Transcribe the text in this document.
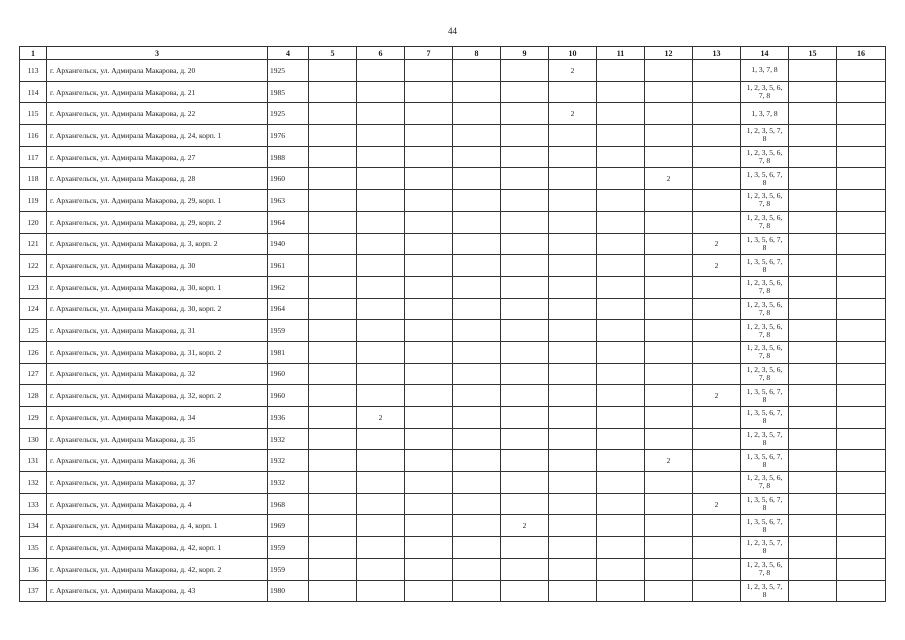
44
1	3	4	5	6	7	8	9	10	11	12	13	14	15	16
113	г. Архангельск, ул. Адмирала Макарова, д. 20	1925						2				1, 3, 7, 8		
114	г. Архангельск, ул. Адмирала Макарова, д. 21	1985										1, 2, 3, 5, 6, 7, 8		
115	г. Архангельск, ул. Адмирала Макарова, д. 22	1925						2				1, 3, 7, 8		
116	г. Архангельск, ул. Адмирала Макарова, д. 24, корп. 1	1976										1, 2, 3, 5, 7, 8		
117	г. Архангельск, ул. Адмирала Макарова, д. 27	1988										1, 2, 3, 5, 6, 7, 8		
118	г. Архангельск, ул. Адмирала Макарова, д. 28	1960								2		1, 3, 5, 6, 7, 8		
119	г. Архангельск, ул. Адмирала Макарова, д. 29, корп. 1	1963										1, 2, 3, 5, 6, 7, 8		
120	г. Архангельск, ул. Адмирала Макарова, д. 29, корп. 2	1964										1, 2, 3, 5, 6, 7, 8		
121	г. Архангельск, ул. Адмирала Макарова, д. 3, корп. 2	1940									2	1, 3, 5, 6, 7, 8		
122	г. Архангельск, ул. Адмирала Макарова, д. 30	1961									2	1, 3, 5, 6, 7, 8		
123	г. Архангельск, ул. Адмирала Макарова, д. 30, корп. 1	1962										1, 2, 3, 5, 6, 7, 8		
124	г. Архангельск, ул. Адмирала Макарова, д. 30, корп. 2	1964										1, 2, 3, 5, 6, 7, 8		
125	г. Архангельск, ул. Адмирала Макарова, д. 31	1959										1, 2, 3, 5, 6, 7, 8		
126	г. Архангельск, ул. Адмирала Макарова, д. 31, корп. 2	1981										1, 2, 3, 5, 6, 7, 8		
127	г. Архангельск, ул. Адмирала Макарова, д. 32	1960										1, 2, 3, 5, 6, 7, 8		
128	г. Архангельск, ул. Адмирала Макарова, д. 32, корп. 2	1960									2	1, 3, 5, 6, 7, 8		
129	г. Архангельск, ул. Адмирала Макарова, д. 34	1936		2								1, 3, 5, 6, 7, 8		
130	г. Архангельск, ул. Адмирала Макарова, д. 35	1932										1, 2, 3, 5, 7, 8		
131	г. Архангельск, ул. Адмирала Макарова, д. 36	1932								2		1, 3, 5, 6, 7, 8		
132	г. Архангельск, ул. Адмирала Макарова, д. 37	1932										1, 2, 3, 5, 6, 7, 8		
133	г. Архангельск, ул. Адмирала Макарова, д. 4	1968									2	1, 3, 5, 6, 7, 8		
134	г. Архангельск, ул. Адмирала Макарова, д. 4, корп. 1	1969					2					1, 3, 5, 6, 7, 8		
135	г. Архангельск, ул. Адмирала Макарова, д. 42, корп. 1	1959										1, 2, 3, 5, 7, 8		
136	г. Архангельск, ул. Адмирала Макарова, д. 42, корп. 2	1959										1, 2, 3, 5, 6, 7, 8		
137	г. Архангельск, ул. Адмирала Макарова, д. 43	1980										1, 2, 3, 5, 7, 8		
